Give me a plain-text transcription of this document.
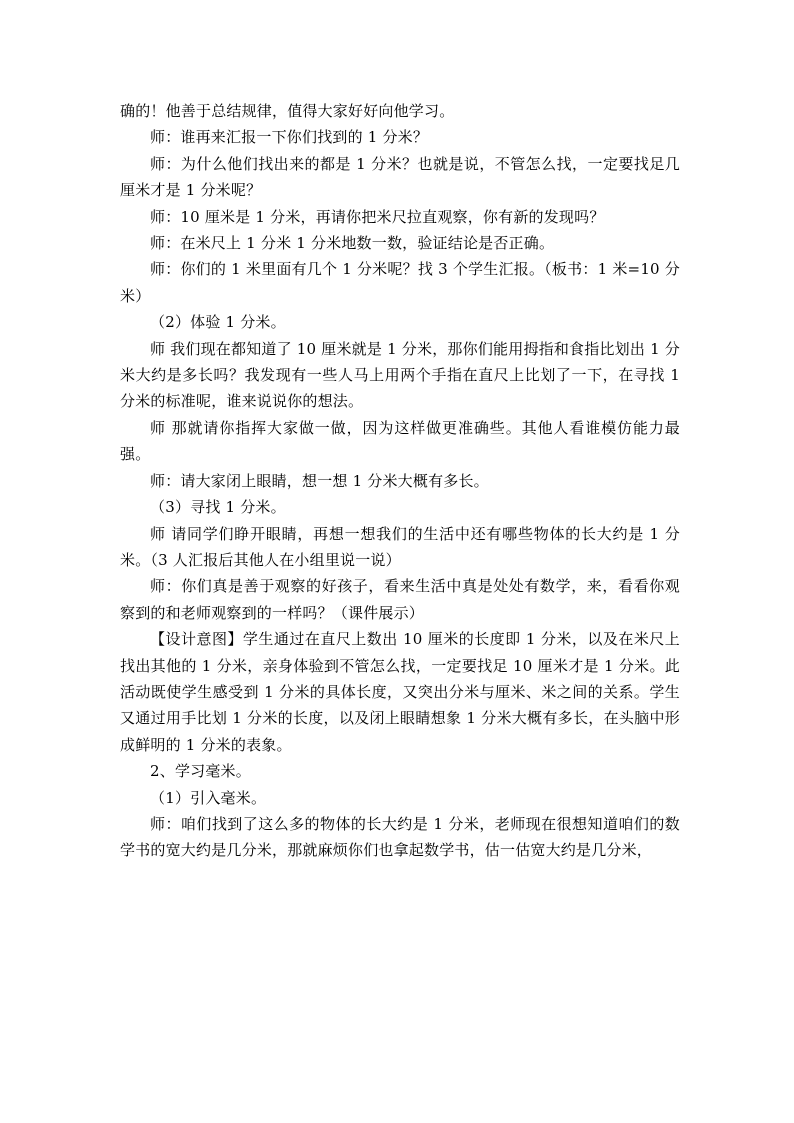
确的！他善于总结规律，值得大家好好向他学习。

师：谁再来汇报一下你们找到的 1 分米？

师：为什么他们找出来的都是 1 分米？也就是说，不管怎么找，一定要找足几厘米才是 1 分米呢？

师：10 厘米是 1 分米，再请你把米尺拉直观察，你有新的发现吗？

师：在米尺上 1 分米 1 分米地数一数，验证结论是否正确。

师：你们的 1 米里面有几个 1 分米呢？找 3 个学生汇报。（板书：1 米=10 分米）

（2）体验 1 分米。

师 我们现在都知道了 10 厘米就是 1 分米，那你们能用拇指和食指比划出 1 分米大约是多长吗？我发现有一些人马上用两个手指在直尺上比划了一下，在寻找 1 分米的标准呢，谁来说说你的想法。

师 那就请你指挥大家做一做，因为这样做更准确些。其他人看谁模仿能力最强。

师：请大家闭上眼睛，想一想 1 分米大概有多长。

（3）寻找 1 分米。

师 请同学们睁开眼睛，再想一想我们的生活中还有哪些物体的长大约是 1 分米。（3 人汇报后其他人在小组里说一说）

师：你们真是善于观察的好孩子，看来生活中真是处处有数学，来，看看你观察到的和老师观察到的一样吗？（课件展示）

【设计意图】学生通过在直尺上数出 10 厘米的长度即 1 分米，以及在米尺上找出其他的 1 分米，亲身体验到不管怎么找，一定要找足 10 厘米才是 1 分米。此活动既使学生感受到 1 分米的具体长度，又突出分米与厘米、米之间的关系。学生又通过用手比划 1 分米的长度，以及闭上眼睛想象 1 分米大概有多长，在头脑中形成鲜明的 1 分米的表象。

2、学习毫米。

（1）引入毫米。

师：咱们找到了这么多的物体的长大约是 1 分米，老师现在很想知道咱们的数学书的宽大约是几分米，那就麻烦你们也拿起数学书，估一估宽大约是几分米，
